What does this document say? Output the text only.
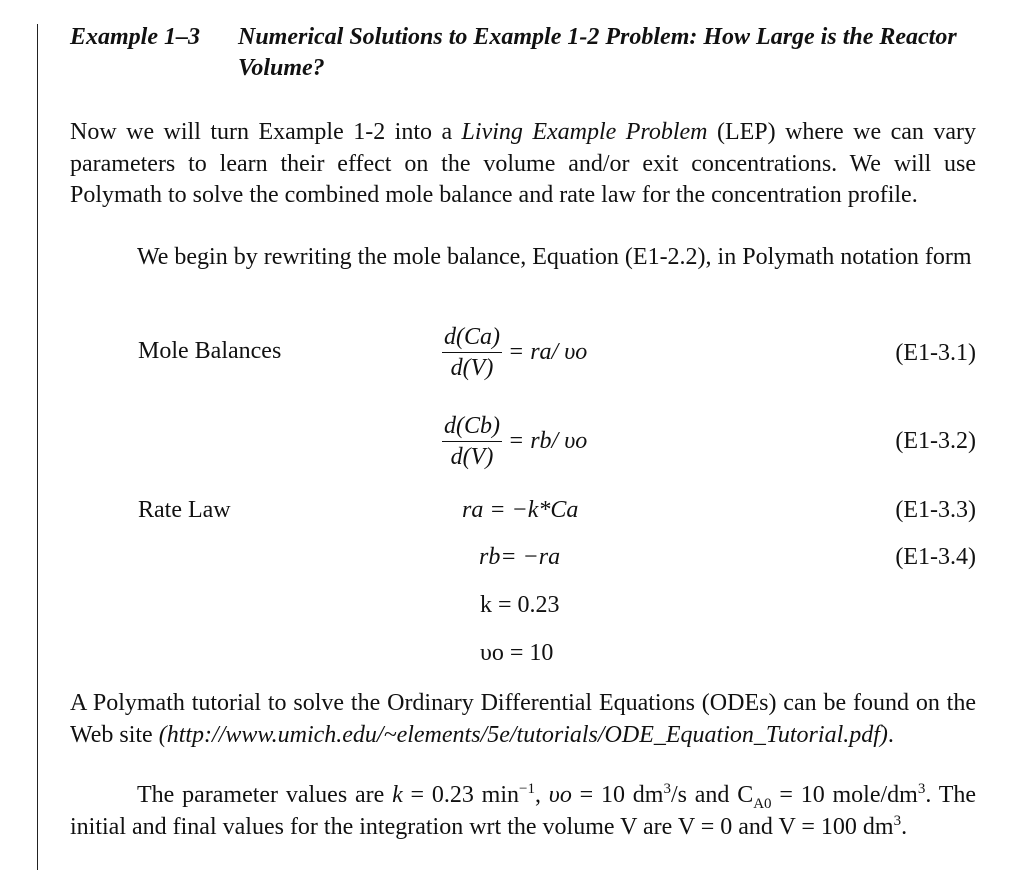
Example 1–3 Numerical Solutions to Example 1-2 Problem: How Large is the Reactor Volume?

Now we will turn Example 1-2 into a Living Example Problem (LEP) where we can vary parameters to learn their effect on the volume and/or exit concentrations. We will use Polymath to solve the combined mole balance and rate law for the concentration profile.

We begin by rewriting the mole balance, Equation (E1-2.2), in Polymath notation form

Mole Balances	$\frac{d(Ca)}{d(V)} = ra/$ υo	(E1-3.1)
$\frac{d(Cb)}{d(V)} = rb/$ υo	(E1-3.2)
Rate Law	ra = −k*Ca	(E1-3.3)
rb= −ra	(E1-3.4)
k = 0.23
υo = 10

A Polymath tutorial to solve the Ordinary Differential Equations (ODEs) can be found on the Web site (http://www.umich.edu/~elements/5e/tutorials/ODE_Equation_Tutorial.pdf).

The parameter values are k = 0.23 $\min^{-1}$, υo = 10 $dm^3/s$ and $C_{A0} = 10$ mole/$dm^3$. The initial and final values for the integration wrt the volume V are V = 0 and V = 100 $dm^3$.
